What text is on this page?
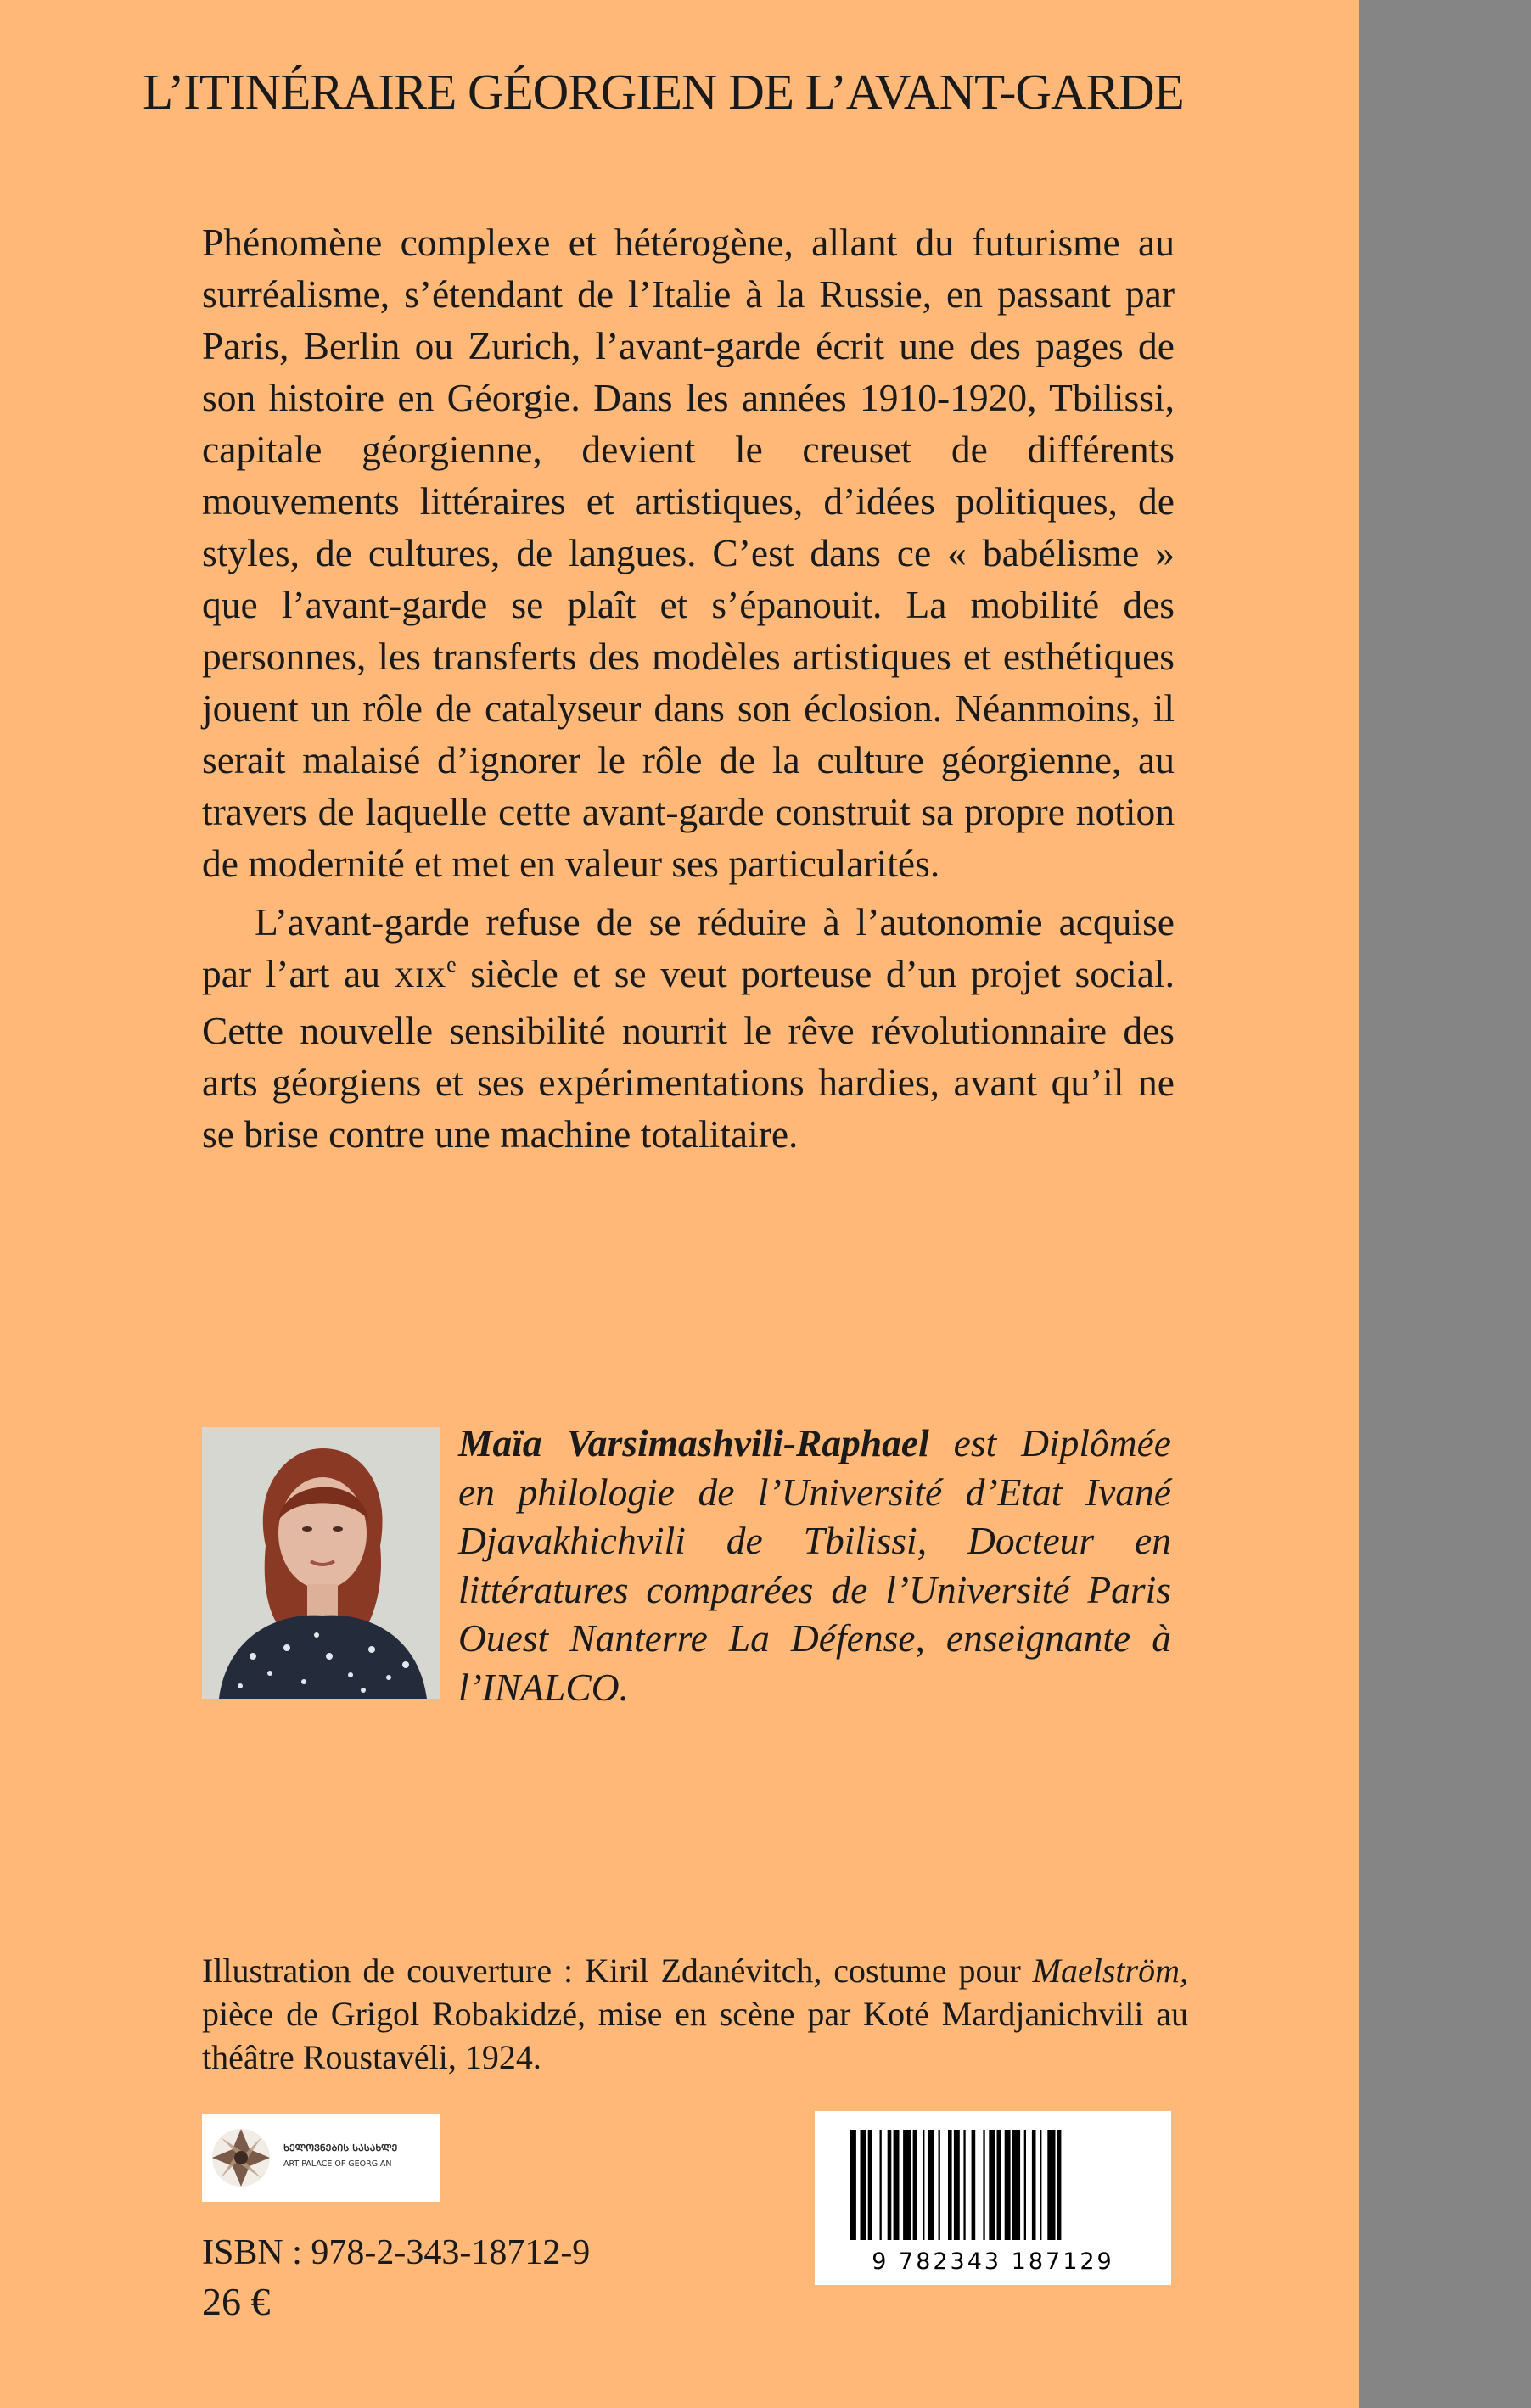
L’ITINÉRAIRE GÉORGIEN DE L’AVANT-GARDE

Phénomène complexe et hétérogène, allant du futurisme au surréalisme, s’étendant de l’Italie à la Russie, en passant par Paris, Berlin ou Zurich, l’avant-garde écrit une des pages de son histoire en Géorgie. Dans les années 1910-1920, Tbilissi, capitale géorgienne, devient le creuset de différents mouvements littéraires et artistiques, d’idées politiques, de styles, de cultures, de langues. C’est dans ce « babélisme » que l’avant-garde se plaît et s’épanouit. La mobilité des personnes, les transferts des modèles artistiques et esthétiques jouent un rôle de catalyseur dans son éclosion. Néanmoins, il serait malaisé d’ignorer le rôle de la culture géorgienne, au travers de laquelle cette avant-garde construit sa propre notion de modernité et met en valeur ses particularités.

L’avant-garde refuse de se réduire à l’autonomie acquise par l’art au XIXe siècle et se veut porteuse d’un projet social. Cette nouvelle sensibilité nourrit le rêve révolutionnaire des arts géorgiens et ses expérimentations hardies, avant qu’il ne se brise contre une machine totalitaire.

Maïa Varsimashvili-Raphael est Diplômée en philologie de l’Université d’Etat Ivané Djavakhichvili de Tbilissi, Docteur en littératures comparées de l’Université Paris Ouest Nanterre La Défense, enseignante à l’INALCO.
Illustration de couverture : Kiril Zdanévitch, costume pour Maelström, pièce de Grigol Robakidzé, mise en scène par Koté Mardjanichvili au théâtre Roustavéli, 1924.
ᲮᲔᲚᲝᲕᲜᲔᲑᲘᲡ ᲡᲐᲡᲐᲮᲚᲔ
ART PALACE OF GEORGIAN
9 782343 187129
ISBN : 978-2-343-18712-9
26 €
